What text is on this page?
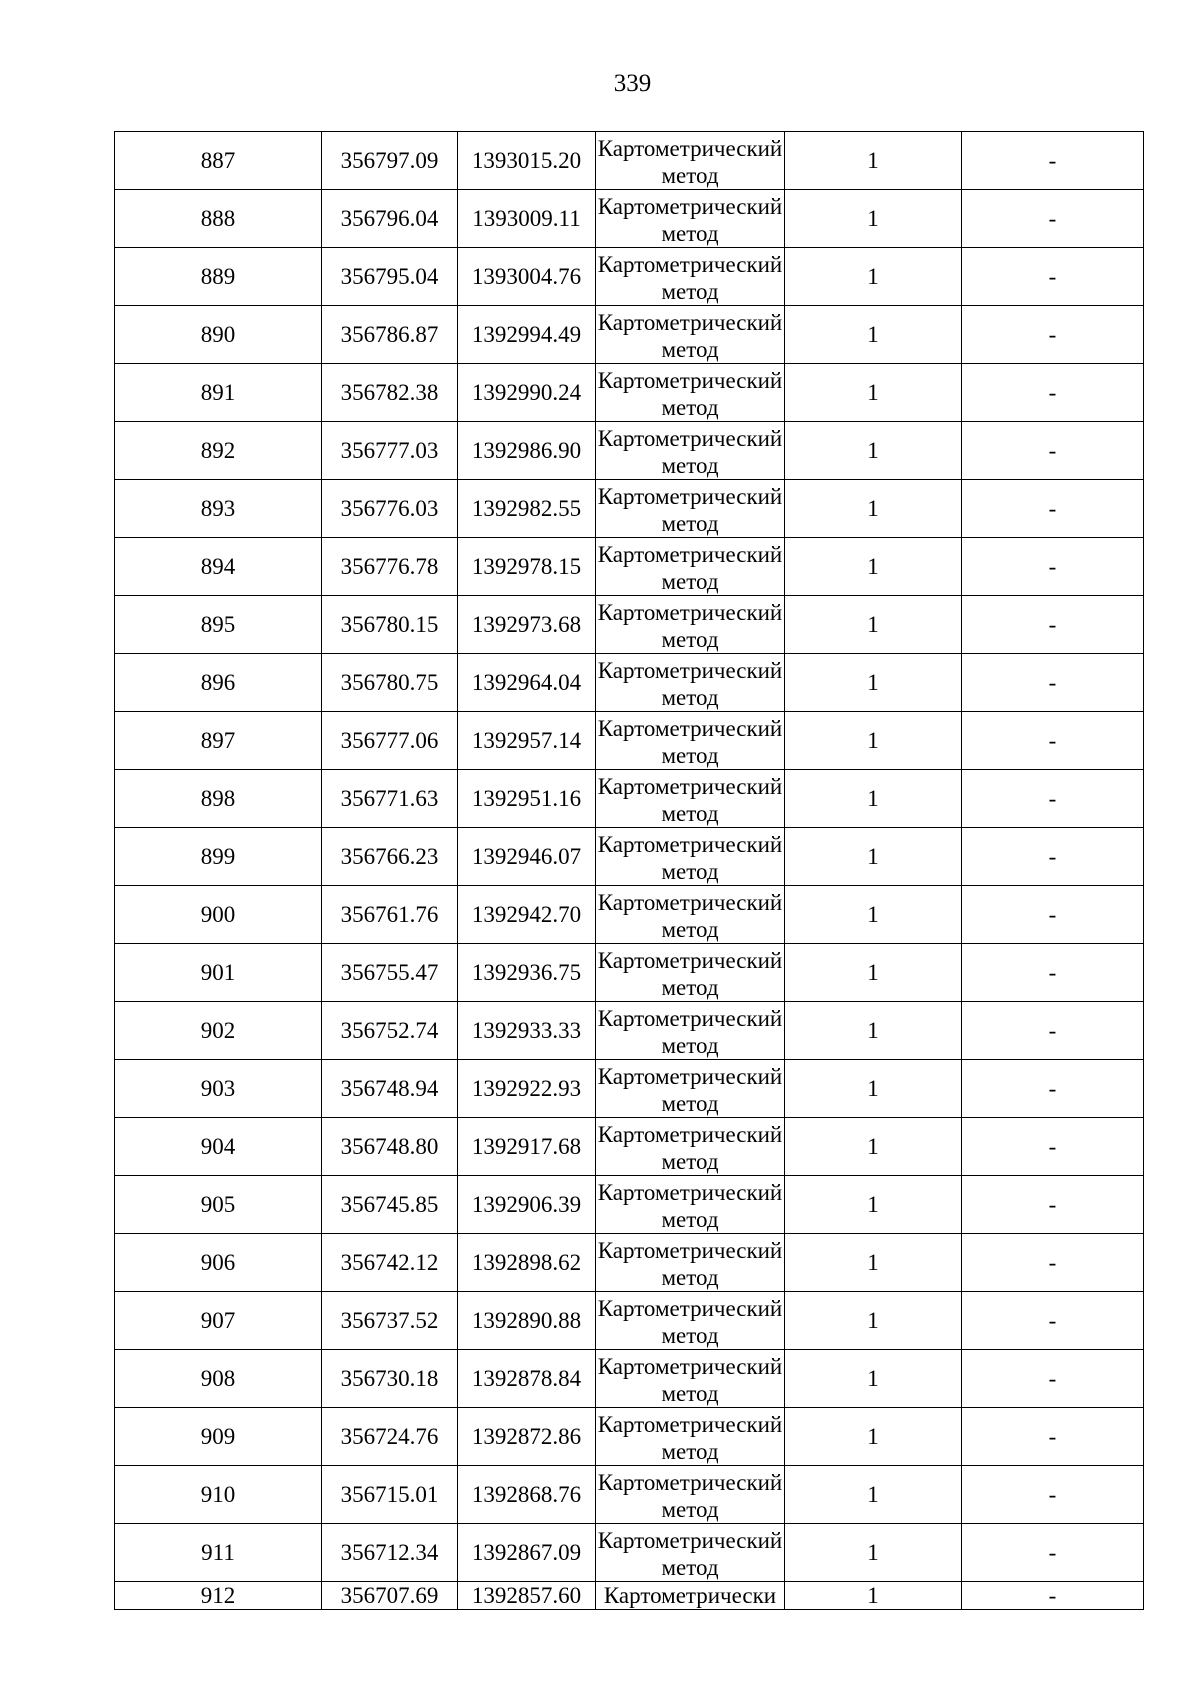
339
887	356797.09	1393015.20	Картометрический метод	1	-
888	356796.04	1393009.11	Картометрический метод	1	-
889	356795.04	1393004.76	Картометрический метод	1	-
890	356786.87	1392994.49	Картометрический метод	1	-
891	356782.38	1392990.24	Картометрический метод	1	-
892	356777.03	1392986.90	Картометрический метод	1	-
893	356776.03	1392982.55	Картометрический метод	1	-
894	356776.78	1392978.15	Картометрический метод	1	-
895	356780.15	1392973.68	Картометрический метод	1	-
896	356780.75	1392964.04	Картометрический метод	1	-
897	356777.06	1392957.14	Картометрический метод	1	-
898	356771.63	1392951.16	Картометрический метод	1	-
899	356766.23	1392946.07	Картометрический метод	1	-
900	356761.76	1392942.70	Картометрический метод	1	-
901	356755.47	1392936.75	Картометрический метод	1	-
902	356752.74	1392933.33	Картометрический метод	1	-
903	356748.94	1392922.93	Картометрический метод	1	-
904	356748.80	1392917.68	Картометрический метод	1	-
905	356745.85	1392906.39	Картометрический метод	1	-
906	356742.12	1392898.62	Картометрический метод	1	-
907	356737.52	1392890.88	Картометрический метод	1	-
908	356730.18	1392878.84	Картометрический метод	1	-
909	356724.76	1392872.86	Картометрический метод	1	-
910	356715.01	1392868.76	Картометрический метод	1	-
911	356712.34	1392867.09	Картометрический метод	1	-
912	356707.69	1392857.60	Картометрически	1	-
